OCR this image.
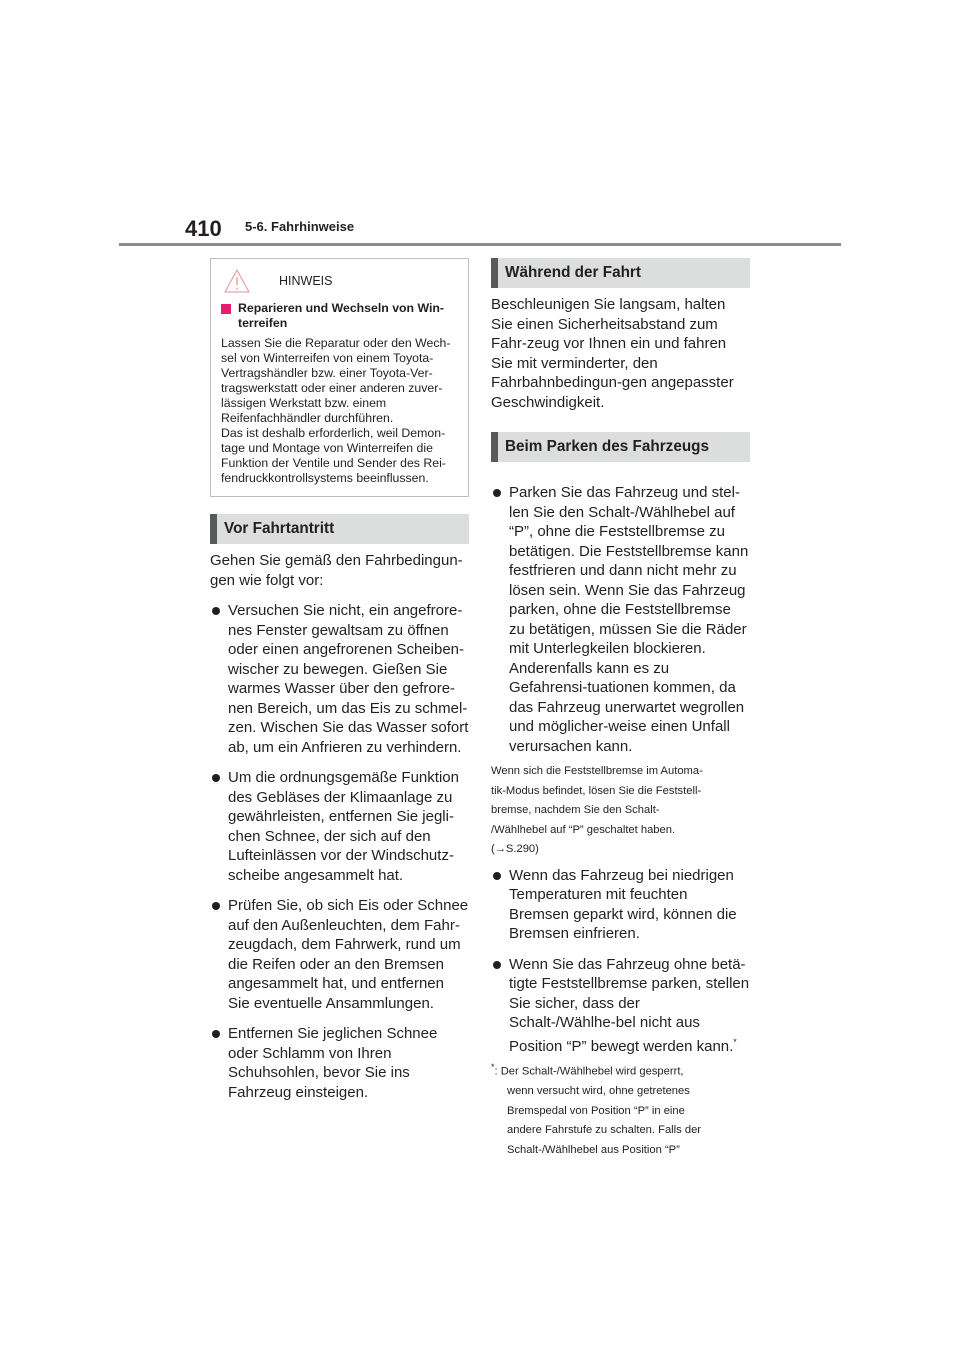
410 5-6. Fahrhinweise
HINWEIS
Reparieren und Wechseln von Win-
terreifen

Lassen Sie die Reparatur oder den Wech-
sel von Winterreifen von einem Toyota-
Vertragshändler bzw. einer Toyota-Ver-
tragswerkstatt oder einer anderen zuver-
lässigen Werkstatt bzw. einem
Reifenfachhändler durchführen.
Das ist deshalb erforderlich, weil Demon-
tage und Montage von Winterreifen die
Funktion der Ventile und Sender des Rei-
fendruckkontrollsystems beeinflussen.

Vor Fahrtantritt

Gehen Sie gemäß den Fahrbedingun-gen wie folgt vor:

Versuchen Sie nicht, ein angefrore-nes Fenster gewaltsam zu öffnen oder einen angefrorenen Scheiben-wischer zu bewegen. Gießen Sie warmes Wasser über den gefrore-nen Bereich, um das Eis zu schmel-zen. Wischen Sie das Wasser sofort ab, um ein Anfrieren zu verhindern.
Um die ordnungsgemäße Funktion des Gebläses der Klimaanlage zu gewährleisten, entfernen Sie jegli-chen Schnee, der sich auf den Lufteinlässen vor der Windschutz-scheibe angesammelt hat.
Prüfen Sie, ob sich Eis oder Schnee auf den Außenleuchten, dem Fahr-zeugdach, dem Fahrwerk, rund um die Reifen oder an den Bremsen angesammelt hat, und entfernen Sie eventuelle Ansammlungen.
Entfernen Sie jeglichen Schnee oder Schlamm von Ihren Schuhsohlen, bevor Sie ins Fahrzeug einsteigen.
Während der Fahrt

Beschleunigen Sie langsam, halten Sie einen Sicherheitsabstand zum Fahr-zeug vor Ihnen ein und fahren Sie mit verminderter, den Fahrbahnbedingun-gen angepasster Geschwindigkeit.

Beim Parken des Fahrzeugs
Parken Sie das Fahrzeug und stel-len Sie den Schalt-/Wählhebel auf “P”, ohne die Feststellbremse zu betätigen. Die Feststellbremse kann festfrieren und dann nicht mehr zu lösen sein. Wenn Sie das Fahrzeug parken, ohne die Feststellbremse zu betätigen, müssen Sie die Räder mit Unterlegkeilen blockieren. Anderenfalls kann es zu Gefahrensi-tuationen kommen, da das Fahrzeug unerwartet wegrollen und möglicher-weise einen Unfall verursachen kann.

Wenn sich die Feststellbremse im Automa-
tik-Modus befindet, lösen Sie die Feststell-
bremse, nachdem Sie den Schalt-
/Wählhebel auf “P” geschaltet haben.
(→S.290)

Wenn das Fahrzeug bei niedrigen Temperaturen mit feuchten Bremsen geparkt wird, können die Bremsen einfrieren.
Wenn Sie das Fahrzeug ohne betä-tigte Feststellbremse parken, stellen Sie sicher, dass der Schalt-/Wählhe-bel nicht aus Position “P” bewegt werden kann.*
*: Der Schalt-/Wählhebel wird gesperrt,
wenn versucht wird, ohne getretenes
Bremspedal von Position “P” in eine
andere Fahrstufe zu schalten. Falls der
Schalt-/Wählhebel aus Position “P”
